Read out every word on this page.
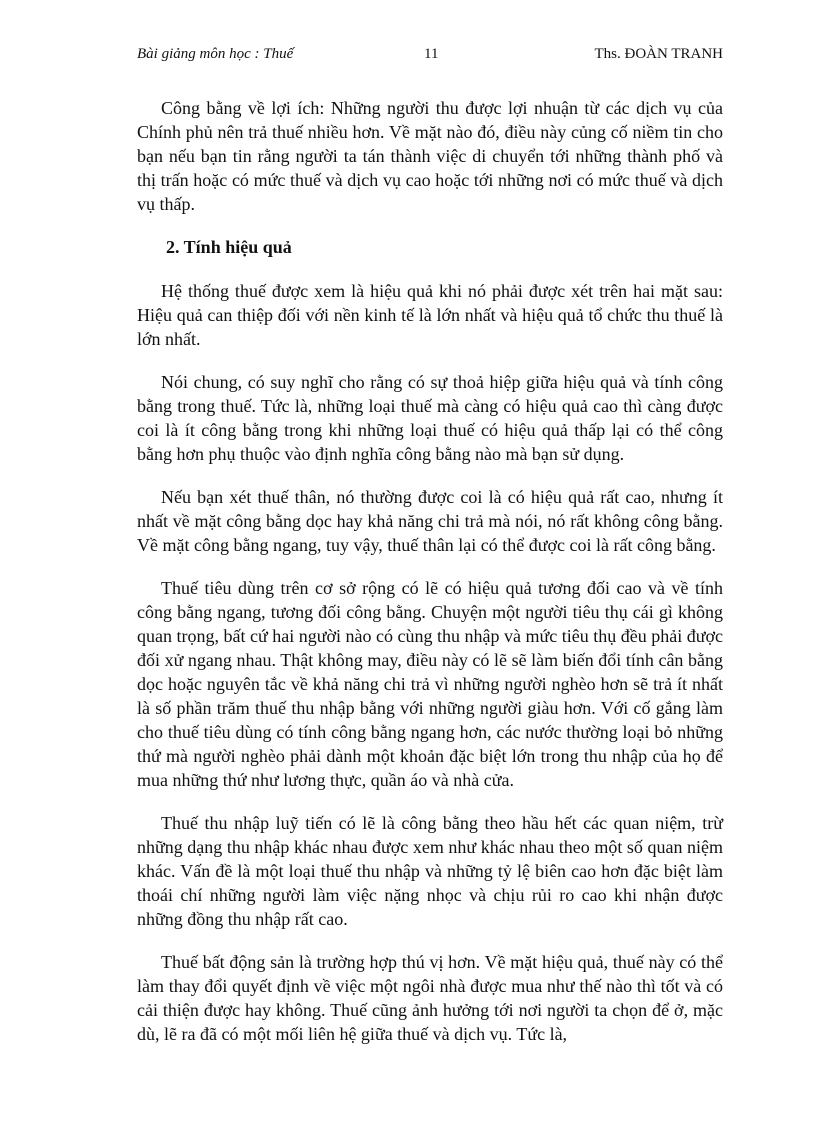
Bài giảng môn học : Thuế	11	Ths. ĐOÀN TRANH

Công bằng về lợi ích: Những người thu được lợi nhuận từ các dịch vụ của Chính phủ nên trả thuế nhiều hơn. Về mặt nào đó, điều này củng cố niềm tin cho bạn nếu bạn tin rằng người ta tán thành việc di chuyển tới những thành phố và thị trấn hoặc có mức thuế và dịch vụ cao hoặc tới những nơi có mức thuế và dịch vụ thấp.

2. Tính hiệu quả

Hệ thống thuế được xem là hiệu quả khi nó phải được xét trên hai mặt sau: Hiệu quả can thiệp đối với nền kinh tế là lớn nhất và hiệu quả tổ chức thu thuế là lớn nhất.

Nói chung, có suy nghĩ cho rằng có sự thoả hiệp giữa hiệu quả và tính công bằng trong thuế. Tức là, những loại thuế mà càng có hiệu quả cao thì càng được coi là ít công bằng trong khi những loại thuế có hiệu quả thấp lại có thể công bằng hơn phụ thuộc vào định nghĩa công bằng nào mà bạn sử dụng.

Nếu bạn xét thuế thân, nó thường được coi là có hiệu quả rất cao, nhưng ít nhất về mặt công bằng dọc hay khả năng chi trả mà nói, nó rất không công bằng. Về mặt công bằng ngang, tuy vậy, thuế thân lại có thể được coi là rất công bằng.

Thuế tiêu dùng trên cơ sở rộng có lẽ có hiệu quả tương đối cao và về tính công bằng ngang, tương đối công bằng. Chuyện một người tiêu thụ cái gì không quan trọng, bất cứ hai người nào có cùng thu nhập và mức tiêu thụ đều phải được đối xử ngang nhau. Thật không may, điều này có lẽ sẽ làm biến đổi tính cân bằng dọc hoặc nguyên tắc về khả năng chi trả vì những người nghèo hơn sẽ trả ít nhất là số phần trăm thuế thu nhập bằng với những người giàu hơn. Với cố gắng làm cho thuế tiêu dùng có tính công bằng ngang hơn, các nước thường loại bỏ những thứ mà người nghèo phải dành một khoản đặc biệt lớn trong thu nhập của họ để mua những thứ như lương thực, quần áo và nhà cửa.

Thuế thu nhập luỹ tiến có lẽ là công bằng theo hầu hết các quan niệm, trừ những dạng thu nhập khác nhau được xem như khác nhau theo một số quan niệm khác. Vấn đề là một loại thuế thu nhập và những tỷ lệ biên cao hơn đặc biệt làm thoái chí những người làm việc nặng nhọc và chịu rủi ro cao khi nhận được những đồng thu nhập rất cao.

Thuế bất động sản là trường hợp thú vị hơn. Về mặt hiệu quả, thuế này có thể làm thay đổi quyết định về việc một ngôi nhà được mua như thế nào thì tốt và có cải thiện được hay không. Thuế cũng ảnh hưởng tới nơi người ta chọn để ở, mặc dù, lẽ ra đã có một mối liên hệ giữa thuế và dịch vụ. Tức là,
